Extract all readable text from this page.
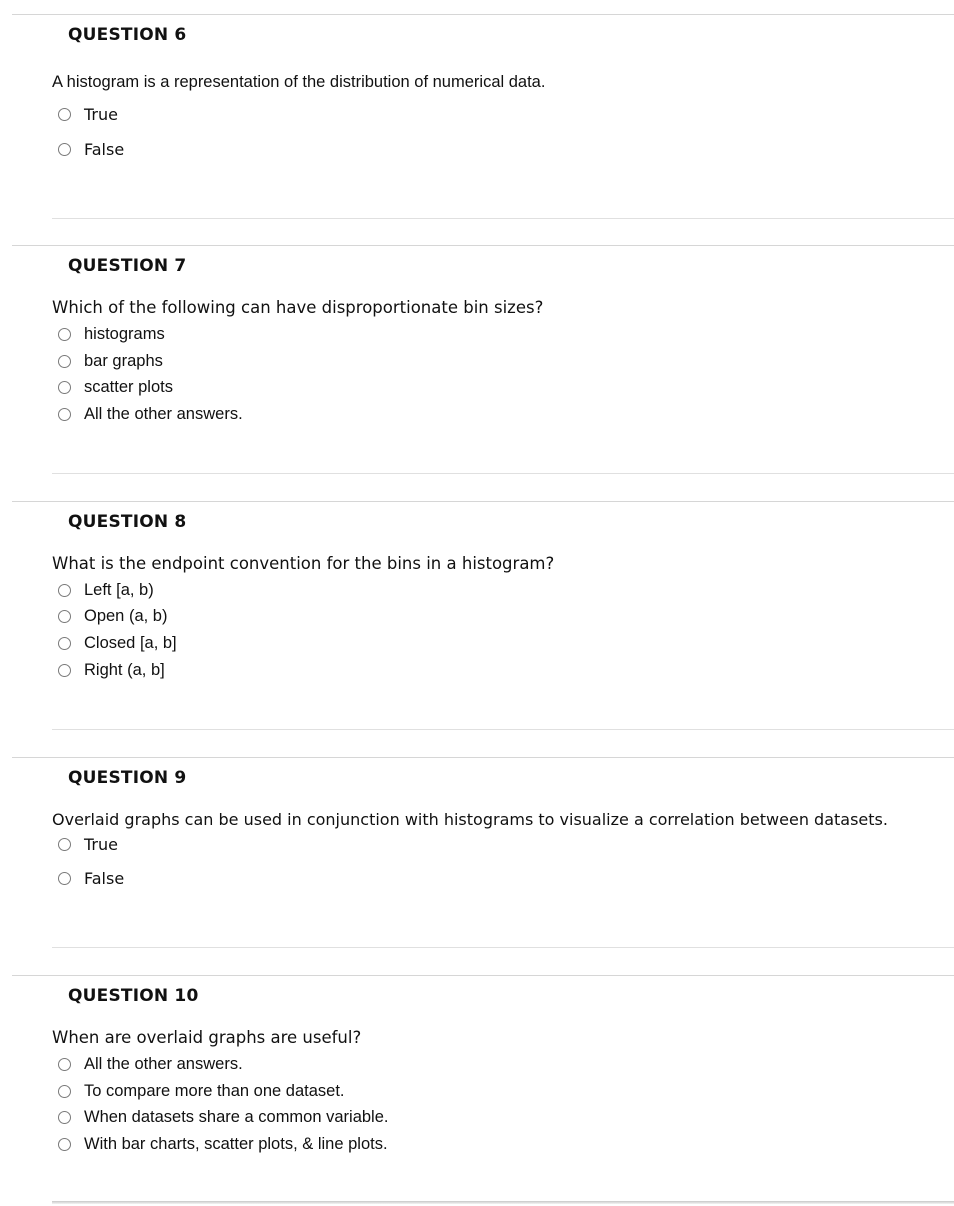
QUESTION 6
A histogram is a representation of the distribution of numerical data.
True
False
QUESTION 7
Which of the following can have disproportionate bin sizes?
histograms
bar graphs
scatter plots
All the other answers.
QUESTION 8
What is the endpoint convention for the bins in a histogram?
Left [a, b)
Open (a, b)
Closed [a, b]
Right (a, b]
QUESTION 9
Overlaid graphs can be used in conjunction with histograms to visualize a correlation between datasets.
True
False
QUESTION 10
When are overlaid graphs are useful?
All the other answers.
To compare more than one dataset.
When datasets share a common variable.
With bar charts, scatter plots, & line plots.
